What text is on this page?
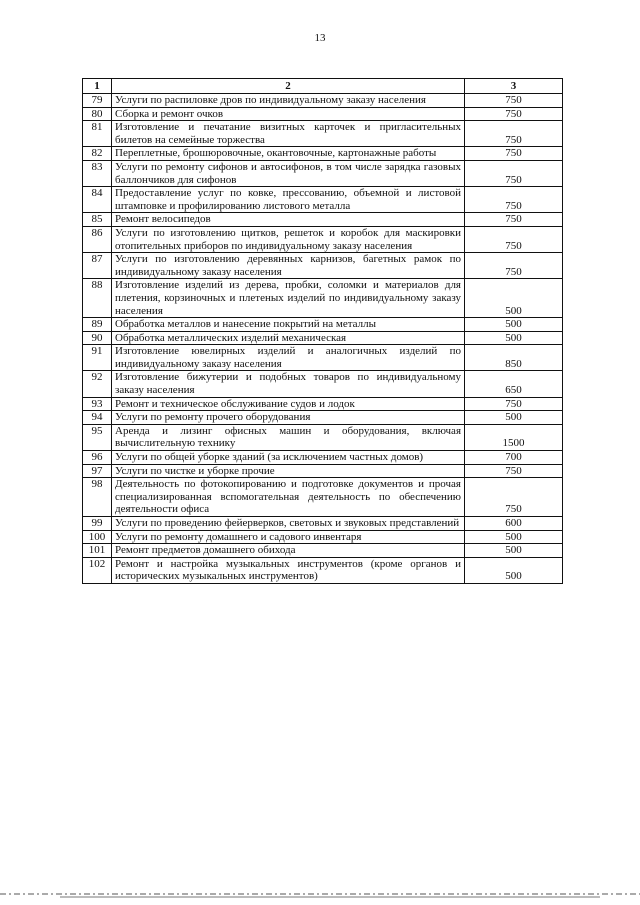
13
1	2	3
79	Услуги по распиловке дров по индивидуальному заказу населения	750
80	Сборка и ремонт очков	750
81	Изготовление и печатание визитных карточек и пригласительных билетов на семейные торжества	750
82	Переплетные, брошюровочные, окантовочные, картонажные работы	750
83	Услуги по ремонту сифонов и автосифонов, в том числе зарядка газовых баллончиков для сифонов	750
84	Предоставление услуг по ковке, прессованию, объемной и листовой штамповке и профилированию листового металла	750
85	Ремонт велосипедов	750
86	Услуги по изготовлению щитков, решеток и коробок для маскировки отопительных приборов по индивидуальному заказу населения	750
87	Услуги по изготовлению деревянных карнизов, багетных рамок по индивидуальному заказу населения	750
88	Изготовление изделий из дерева, пробки, соломки и материалов для плетения, корзиночных и плетеных изделий по индивидуальному заказу населения	500
89	Обработка металлов и нанесение покрытий на металлы	500
90	Обработка металлических изделий механическая	500
91	Изготовление ювелирных изделий и аналогичных изделий по индивидуальному заказу населения	850
92	Изготовление бижутерии и подобных товаров по индивидуальному заказу населения	650
93	Ремонт и техническое обслуживание судов и лодок	750
94	Услуги по ремонту прочего оборудования	500
95	Аренда и лизинг офисных машин и оборудования, включая вычислительную технику	1500
96	Услуги по общей уборке зданий (за исключением частных домов)	700
97	Услуги по чистке и уборке прочие	750
98	Деятельность по фотокопированию и подготовке документов и прочая специализированная вспомогательная деятельность по обеспечению деятельности офиса	750
99	Услуги по проведению фейерверков, световых и звуковых представлений	600
100	Услуги по ремонту домашнего и садового инвентаря	500
101	Ремонт предметов домашнего обихода	500
102	Ремонт и настройка музыкальных инструментов (кроме органов и исторических музыкальных инструментов)	500
